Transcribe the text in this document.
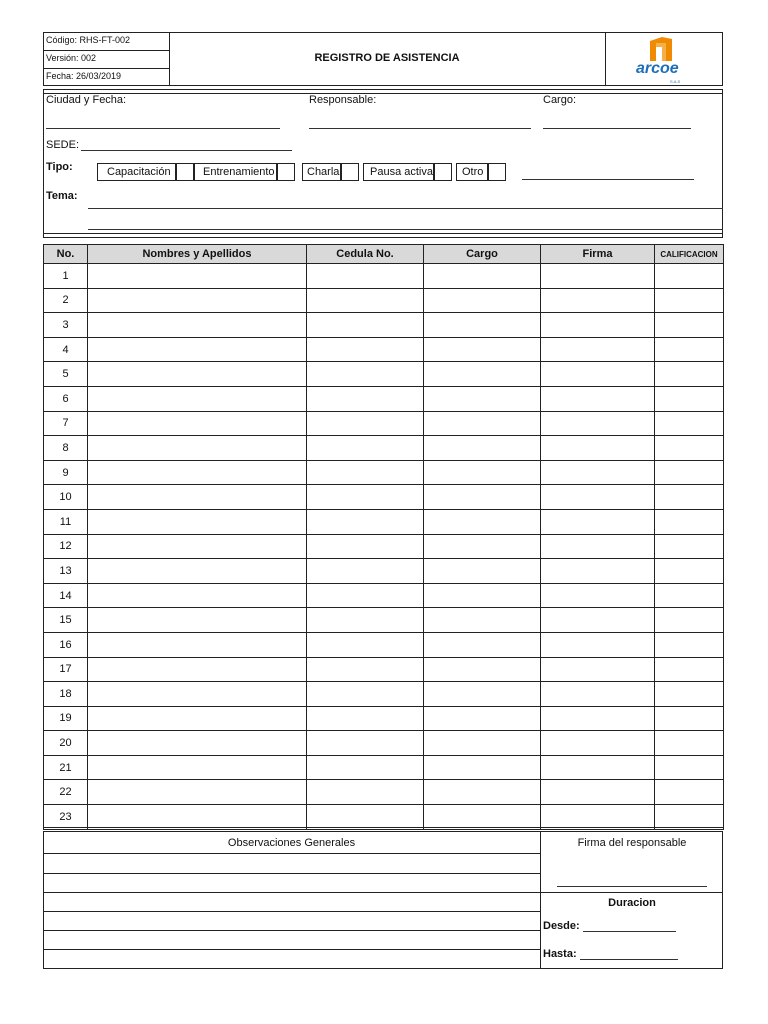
Código: RHS-FT-002
Versión: 002
Fecha: 26/03/2019
REGISTRO DE ASISTENCIA
arcoe
S.A.S
Ciudad y Fecha:	Responsable:	Cargo:
SEDE:
Tipo:	Capacitación	Entrenamiento	Charla	Pausa activa	Otro
Tema:
No.	Nombres y Apellidos	Cedula No.	Cargo	Firma	CALIFICACION
1					
2					
3					
4					
5					
6					
7					
8					
9					
10					
11					
12					
13					
14					
15					
16					
17					
18					
19					
20					
21					
22					
23					
Observaciones Generales	Firma del responsable
Duracion
Desde:
Hasta:
